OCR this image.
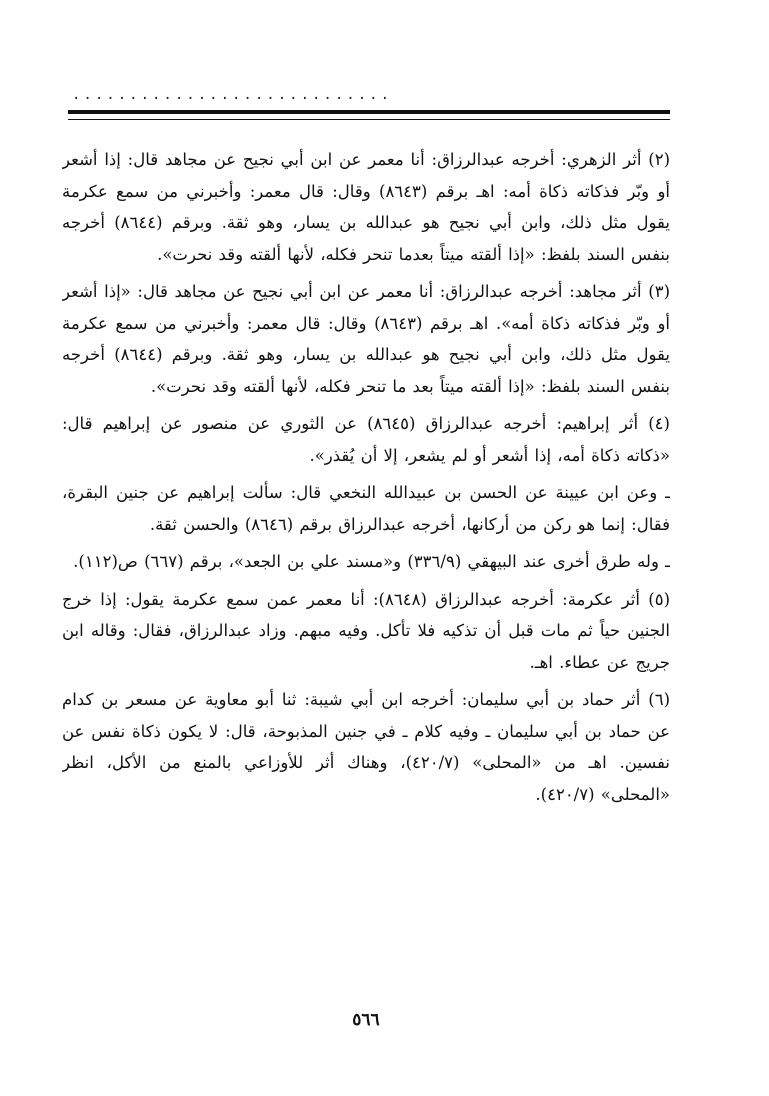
............................

(٢) أثر الزهري: أخرجه عبدالرزاق: أنا معمر عن ابن أبي نجيح عن مجاهد قال: إذا أشعر أو وبّر فذكاته ذكاة أمه: اهـ برقم (٨٦٤٣) وقال: قال معمر: وأخبرني من سمع عكرمة يقول مثل ذلك، وابن أبي نجيح هو عبدالله بن يسار، وهو ثقة. وبرقم (٨٦٤٤) أخرجه بنفس السند بلفظ: «إذا ألقته ميتاً بعدما تنحر فكله، لأنها ألقته وقد نحرت».

(٣) أثر مجاهد: أخرجه عبدالرزاق: أنا معمر عن ابن أبي نجيح عن مجاهد قال: «إذا أشعر أو وبّر فذكاته ذكاة أمه». اهـ برقم (٨٦٤٣) وقال: قال معمر: وأخبرني من سمع عكرمة يقول مثل ذلك، وابن أبي نجيح هو عبدالله بن يسار، وهو ثقة. وبرقم (٨٦٤٤) أخرجه بنفس السند بلفظ: «إذا ألقته ميتاً بعد ما تنحر فكله، لأنها ألقته وقد نحرت».

(٤) أثر إبراهيم: أخرجه عبدالرزاق (٨٦٤٥) عن الثوري عن منصور عن إبراهيم قال: «ذكاته ذكاة أمه، إذا أشعر أو لم يشعر، إلا أن يُقذر».

ـ وعن ابن عيينة عن الحسن بن عبيدالله النخعي قال: سألت إبراهيم عن جنين البقرة، فقال: إنما هو ركن من أركانها، أخرجه عبدالرزاق برقم (٨٦٤٦) والحسن ثقة.

ـ وله طرق أخرى عند البيهقي (٣٣٦/٩) و«مسند علي بن الجعد»، برقم (٦٦٧) ص(١١٢).

(٥) أثر عكرمة: أخرجه عبدالرزاق (٨٦٤٨): أنا معمر عمن سمع عكرمة يقول: إذا خرج الجنين حياً ثم مات قبل أن تذكيه فلا تأكل. وفيه مبهم. وزاد عبدالرزاق، فقال: وقاله ابن جريج عن عطاء. اهـ.

(٦) أثر حماد بن أبي سليمان: أخرجه ابن أبي شيبة: ثنا أبو معاوية عن مسعر بن كدام عن حماد بن أبي سليمان ـ وفيه كلام ـ في جنين المذبوحة، قال: لا يكون ذكاة نفس عن نفسين. اهـ من «المحلى» (٤٢٠/٧)، وهناك أثر للأوزاعي بالمنع من الأكل، انظر «المحلى» (٤٢٠/٧).

٥٦٦
